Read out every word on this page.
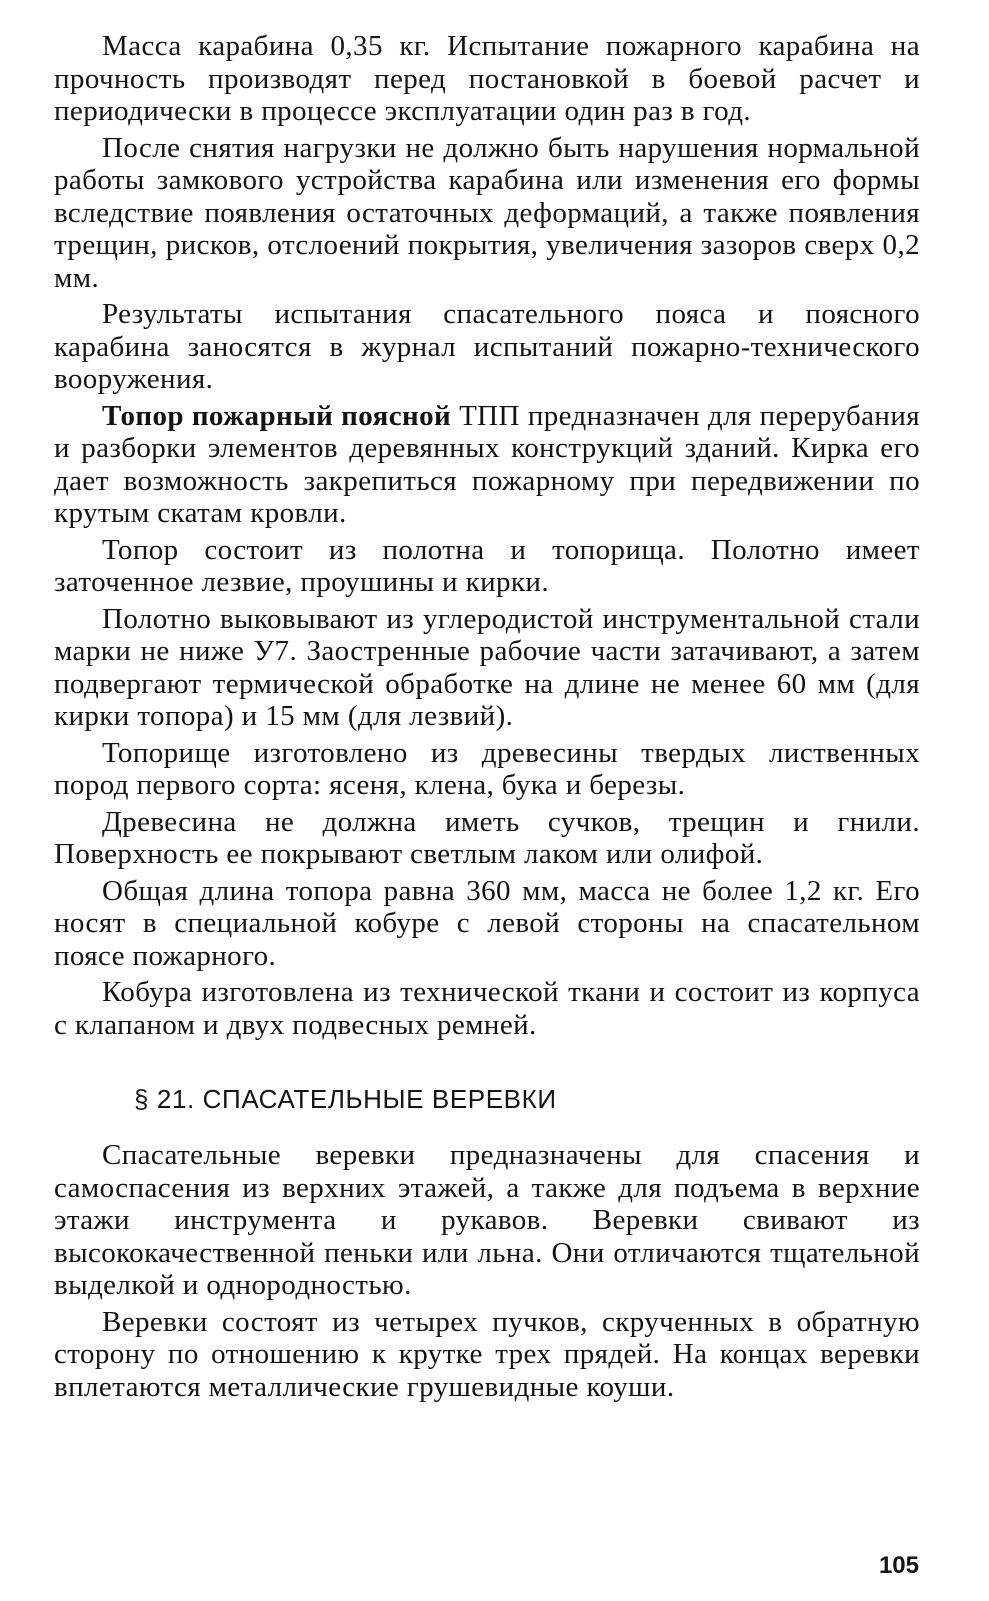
Масса карабина 0,35 кг. Испытание пожарного карабина на прочность производят перед постановкой в боевой расчет и периодически в процессе эксплуатации один раз в год.

После снятия нагрузки не должно быть нарушения нормальной работы замкового устройства карабина или изменения его формы вследствие появления остаточных деформаций, а также появления трещин, рисков, отслоений покрытия, увеличения зазоров сверх 0,2 мм.

Результаты испытания спасательного пояса и поясного карабина заносятся в журнал испытаний пожарно-технического вооружения.

Топор пожарный поясной ТПП предназначен для перерубания и разборки элементов деревянных конструкций зданий. Кирка его дает возможность закрепиться пожарному при передвижении по крутым скатам кровли.

Топор состоит из полотна и топорища. Полотно имеет заточенное лезвие, проушины и кирки.

Полотно выковывают из углеродистой инструментальной стали марки не ниже У7. Заостренные рабочие части затачивают, а затем подвергают термической обработке на длине не менее 60 мм (для кирки топора) и 15 мм (для лезвий).

Топорище изготовлено из древесины твердых лиственных пород первого сорта: ясеня, клена, бука и березы.

Древесина не должна иметь сучков, трещин и гнили. Поверхность ее покрывают светлым лаком или олифой.

Общая длина топора равна 360 мм, масса не более 1,2 кг. Его носят в специальной кобуре с левой стороны на спасательном поясе пожарного.

Кобура изготовлена из технической ткани и состоит из корпуса с клапаном и двух подвесных ремней.

§ 21. СПАСАТЕЛЬНЫЕ ВЕРЕВКИ

Спасательные веревки предназначены для спасения и самоспасения из верхних этажей, а также для подъема в верхние этажи инструмента и рукавов. Веревки свивают из высококачественной пеньки или льна. Они отличаются тщательной выделкой и однородностью.

Веревки состоят из четырех пучков, скрученных в обратную сторону по отношению к крутке трех прядей. На концах веревки вплетаются металлические грушевидные коуши.

105
